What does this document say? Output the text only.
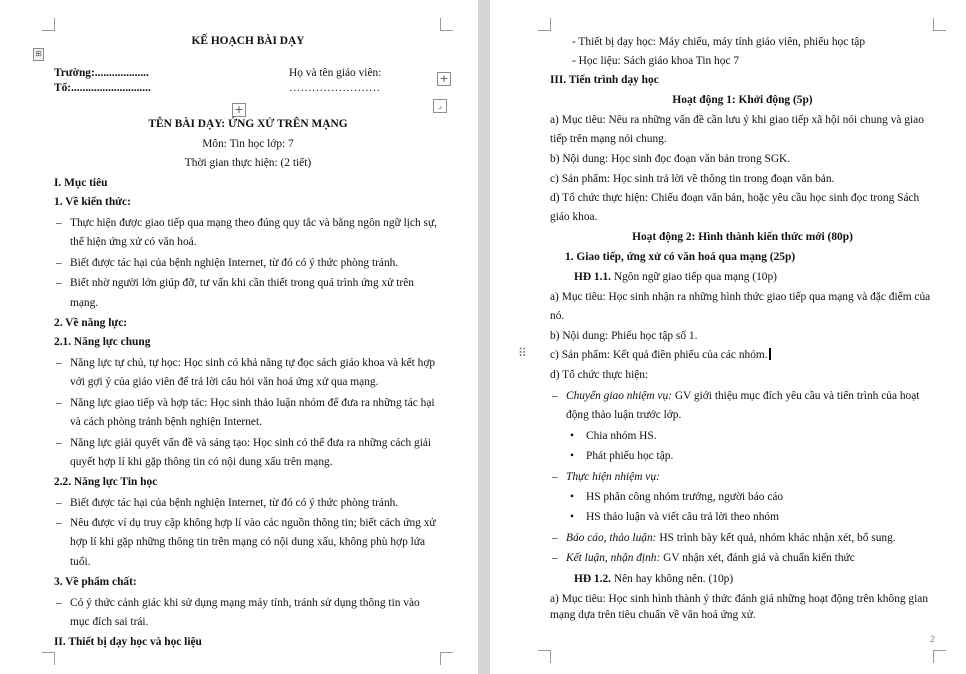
⊞
+
+	⌟
KẾ HOẠCH BÀI DẠY
Trường:...................
Tổ:............................
Họ và tên giáo viên:
……………………
TÊN BÀI DẠY: ỨNG XỬ TRÊN MẠNG
Môn: Tin học lớp: 7
Thời gian thực hiện: (2 tiết)
I. Mục tiêu
1. Về kiến thức:
– Thực hiện được giao tiếp qua mạng theo đúng quy tắc và bằng ngôn ngữ lịch sự,
thể hiện ứng xử có văn hoá.
– Biết được tác hại của bệnh nghiện Internet, từ đó có ý thức phòng tránh.
– Biết nhờ người lớn giúp đỡ, tư vấn khi cần thiết trong quá trình ứng xử trên
mạng.
2. Về năng lực:
2.1. Năng lực chung
– Năng lực tự chủ, tự học: Học sinh có khả năng tự đọc sách giáo khoa và kết hợp
với gợi ý của giáo viên để trả lời câu hỏi văn hoá ứng xử qua mạng.
– Năng lực giao tiếp và hợp tác: Học sinh thảo luận nhóm để đưa ra những tác hại
và cách phòng tránh bệnh nghiện Internet.
– Năng lực giải quyết vấn đề và sáng tạo: Học sinh có thể đưa ra những cách giải
quyết hợp lí khi gặp thông tin có nội dung xấu trên mạng.
2.2. Năng lực Tin học
– Biết được tác hại của bệnh nghiện Internet, từ đó có ý thức phòng tránh.
– Nêu được ví dụ truy cập không hợp lí vào các nguồn thông tin; biết cách ứng xử
hợp lí khi gặp những thông tin trên mạng có nội dung xấu, không phù hợp lứa
tuổi.
3. Về phẩm chất:
– Có ý thức cảnh giác khi sử dụng mạng máy tính, tránh sử dụng thông tin vào
mục đích sai trái.
II. Thiết bị dạy học và học liệu
⠿
- Thiết bị dạy học: Máy chiếu, máy tính giáo viên, phiếu học tập
- Học liệu: Sách giáo khoa Tin học 7
III. Tiến trình dạy học
Hoạt động 1: Khởi động (5p)
a) Mục tiêu: Nêu ra những vấn đề cần lưu ý khi giao tiếp xã hội nói chung và giao
tiếp trên mạng nói chung.
b) Nội dung: Học sinh đọc đoạn văn bản trong SGK.
c) Sản phẩm: Học sinh trả lời về thông tin trong đoạn văn bản.
d) Tổ chức thực hiện: Chiếu đoạn văn bản, hoặc yêu cầu học sinh đọc trong Sách
giáo khoa.
Hoạt động 2: Hình thành kiến thức mới (80p)
1. Giao tiếp, ứng xử có văn hoá qua mạng (25p)
HĐ 1.1. Ngôn ngữ giao tiếp qua mạng (10p)
a) Mục tiêu: Học sinh nhận ra những hình thức giao tiếp qua mạng và đặc điểm của
nó.
b) Nội dung: Phiếu học tập số 1.
c) Sản phẩm: Kết quả điền phiếu của các nhóm.
d) Tổ chức thực hiện:
– Chuyển giao nhiệm vụ: GV giới thiệu mục đích yêu cầu và tiến trình của hoạt
động thảo luận trước lớp.
• Chia nhóm HS.
• Phát phiếu học tập.
– Thực hiện nhiệm vụ:
• HS phân công nhóm trưởng, người báo cáo
• HS thảo luận và viết câu trả lời theo nhóm
– Báo cáo, thảo luận: HS trình bày kết quả, nhóm khác nhận xét, bổ sung.
– Kết luận, nhận định: GV nhận xét, đánh giá và chuẩn kiến thức
HĐ 1.2. Nên hay không nên. (10p)
a) Mục tiêu: Học sinh hình thành ý thức đánh giá những hoạt động trên không gian
mạng dựa trên tiêu chuẩn về văn hoá ứng xử.
2
